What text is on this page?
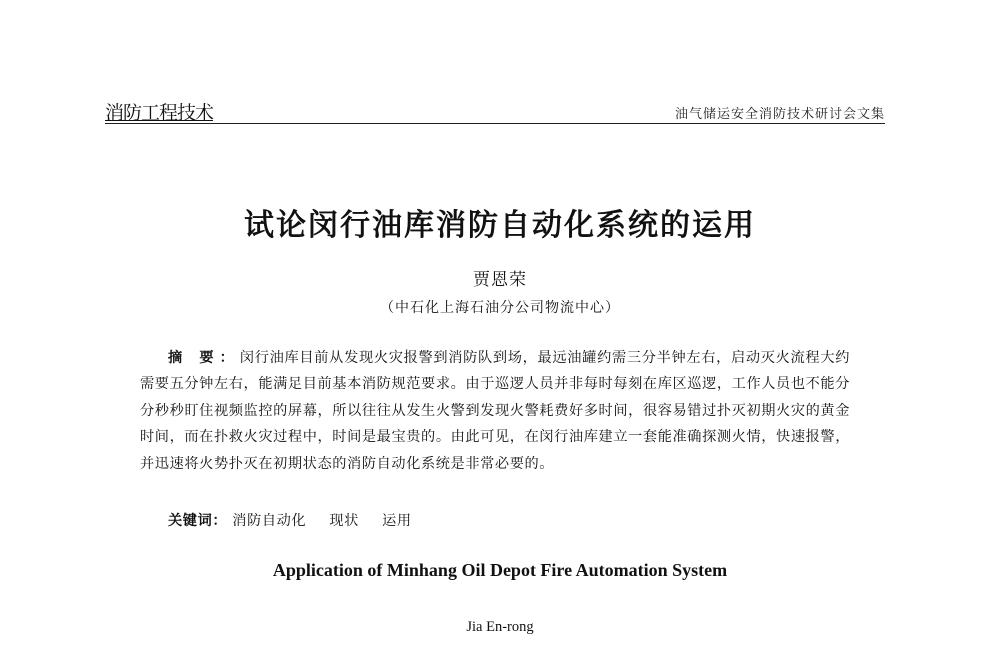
消防工程技术	油气储运安全消防技术研讨会文集
试论闵行油库消防自动化系统的运用
贾恩荣
（中石化上海石油分公司物流中心）
摘 要：闵行油库目前从发现火灾报警到消防队到场，最远油罐约需三分半钟左右，启动灭火流程大约需要五分钟左右，能满足目前基本消防规范要求。由于巡逻人员并非每时每刻在库区巡逻，工作人员也不能分分秒秒盯住视频监控的屏幕，所以往往从发生火警到发现火警耗费好多时间，很容易错过扑灭初期火灾的黄金时间，而在扑救火灾过程中，时间是最宝贵的。由此可见，在闵行油库建立一套能准确探测火情，快速报警，并迅速将火势扑灭在初期状态的消防自动化系统是非常必要的。
关键词： 消防自动化 现状 运用
Application of Minhang Oil Depot Fire Automation System
Jia En-rong
